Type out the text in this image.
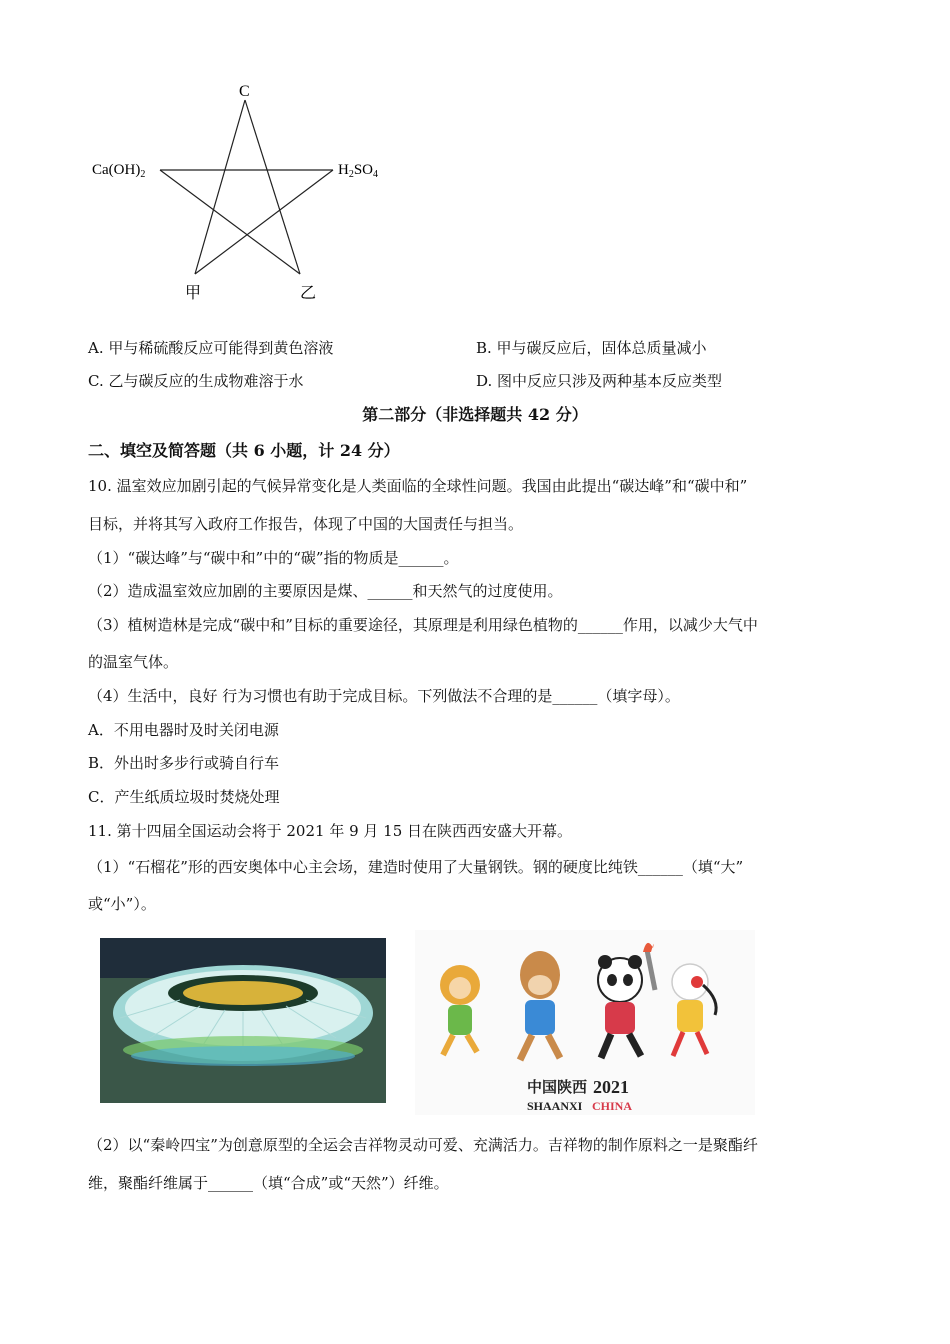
C
$Ca(OH)_2$	$H_2SO_4$
甲	乙
A. 甲与稀硫酸反应可能得到黄色溶液	B. 甲与碳反应后，固体总质量减小
C. 乙与碳反应的生成物难溶于水	D. 图中反应只涉及两种基本反应类型
第二部分（非选择题共 42 分）
二、填空及简答题（共 6 小题，计 24 分）
10. 温室效应加剧引起的气候异常变化是人类面临的全球性问题。我国由此提出“碳达峰”和“碳中和”
目标，并将其写入政府工作报告，体现了中国的大国责任与担当。
（1）“碳达峰”与“碳中和”中的“碳”指的物质是______。
（2）造成温室效应加剧的主要原因是煤、______和天然气的过度使用。
（3）植树造林是完成“碳中和”目标的重要途径，其原理是利用绿色植物的______作用，以减少大气中
的温室气体。
（4）生活中，良好 行为习惯也有助于完成目标。下列做法不合理的是______（填字母）。
A．不用电器时及时关闭电源
B．外出时多步行或骑自行车
C．产生纸质垃圾时焚烧处理
11. 第十四届全国运动会将于 2021 年 9 月 15 日在陕西西安盛大开幕。
（1）“石榴花”形的西安奥体中心主会场，建造时使用了大量钢铁。钢的硬度比纯铁______（填“大”
或“小”）。
中国陕西 2021
SHAANXI CHINA
（2）以“秦岭四宝”为创意原型的全运会吉祥物灵动可爱、充满活力。吉祥物的制作原料之一是聚酯纤
维，聚酯纤维属于______（填“合成”或“天然”）纤维。
